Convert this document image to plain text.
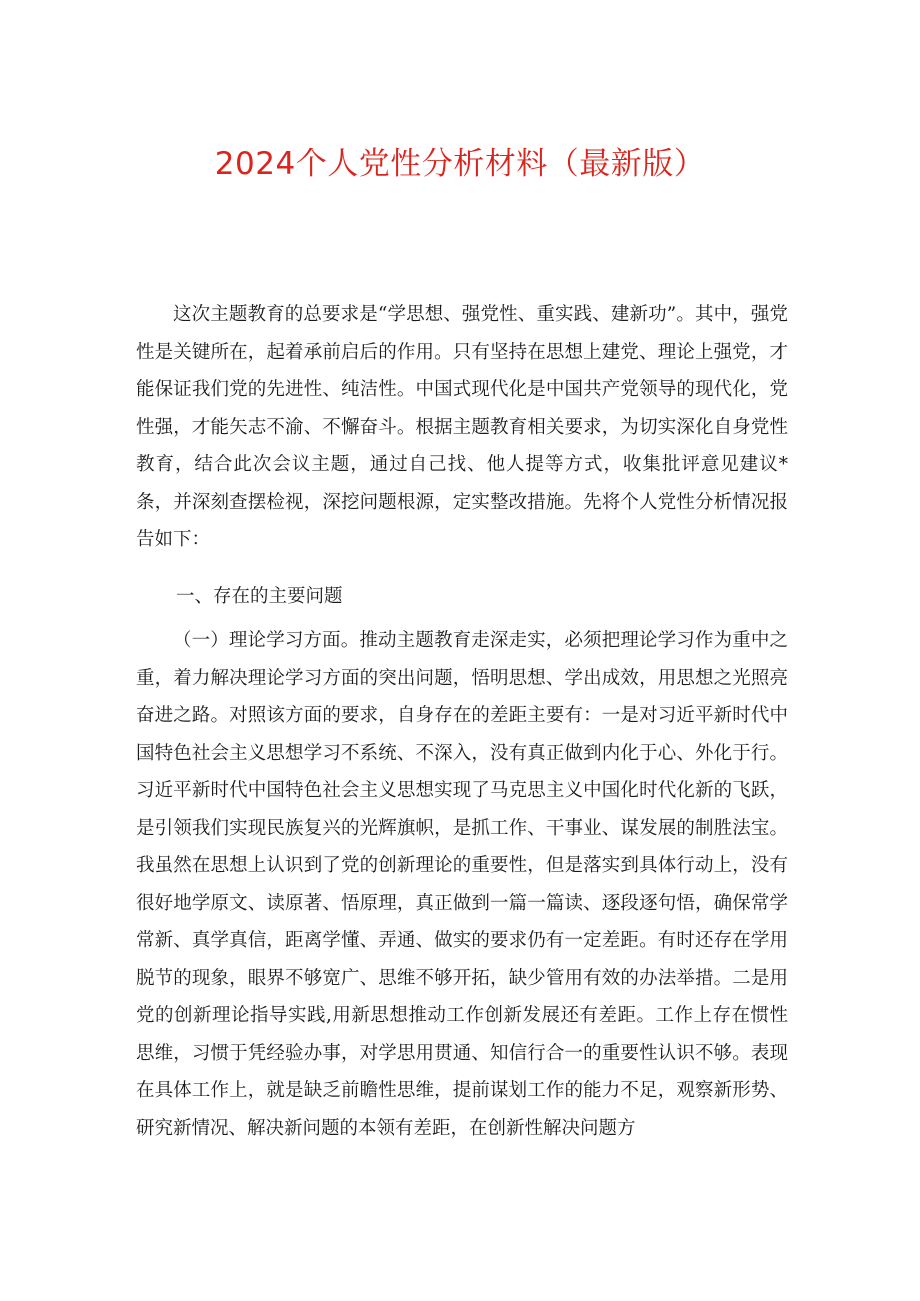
2024个人党性分析材料（最新版）

这次主题教育的总要求是“学思想、强党性、重实践、建新功”。其中，强党性是关键所在，起着承前启后的作用。只有坚持在思想上建党、理论上强党，才能保证我们党的先进性、纯洁性。中国式现代化是中国共产党领导的现代化，党性强，才能矢志不渝、不懈奋斗。根据主题教育相关要求，为切实深化自身党性教育，结合此次会议主题，通过自己找、他人提等方式，收集批评意见建议*条，并深刻查摆检视，深挖问题根源，定实整改措施。先将个人党性分析情况报告如下：

一、存在的主要问题

（一）理论学习方面。推动主题教育走深走实，必须把理论学习作为重中之重，着力解决理论学习方面的突出问题，悟明思想、学出成效，用思想之光照亮奋进之路。对照该方面的要求，自身存在的差距主要有：一是对习近平新时代中国特色社会主义思想学习不系统、不深入，没有真正做到内化于心、外化于行。习近平新时代中国特色社会主义思想实现了马克思主义中国化时代化新的飞跃，是引领我们实现民族复兴的光辉旗帜，是抓工作、干事业、谋发展的制胜法宝。我虽然在思想上认识到了党的创新理论的重要性，但是落实到具体行动上，没有很好地学原文、读原著、悟原理，真正做到一篇一篇读、逐段逐句悟，确保常学常新、真学真信，距离学懂、弄通、做实的要求仍有一定差距。有时还存在学用脱节的现象，眼界不够宽广、思维不够开拓，缺少管用有效的办法举措。二是用党的创新理论指导实践,用新思想推动工作创新发展还有差距。工作上存在惯性思维，习惯于凭经验办事，对学思用贯通、知信行合一的重要性认识不够。表现在具体工作上，就是缺乏前瞻性思维，提前谋划工作的能力不足，观察新形势、研究新情况、解决新问题的本领有差距，在创新性解决问题方
